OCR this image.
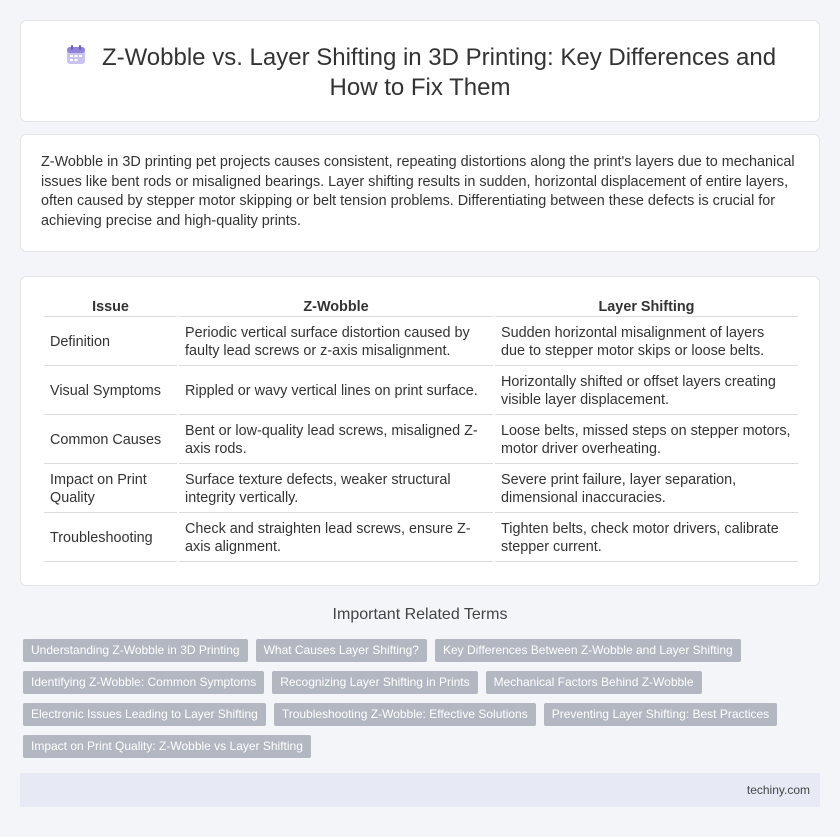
Z-Wobble vs. Layer Shifting in 3D Printing: Key Differences and
How to Fix Them

Z-Wobble in 3D printing pet projects causes consistent, repeating distortions along the print's layers due to mechanical issues like bent rods or misaligned bearings. Layer shifting results in sudden, horizontal displacement of entire layers, often caused by stepper motor skipping or belt tension problems. Differentiating between these defects is crucial for achieving precise and high-quality prints.

Issue	Z-Wobble	Layer Shifting
Definition	Periodic vertical surface distortion caused by faulty lead screws or z-axis misalignment.	Sudden horizontal misalignment of layers due to stepper motor skips or loose belts.
Visual Symptoms	Rippled or wavy vertical lines on print surface.	Horizontally shifted or offset layers creating visible layer displacement.
Common Causes	Bent or low-quality lead screws, misaligned Z-axis rods.	Loose belts, missed steps on stepper motors, motor driver overheating.
Impact on Print Quality	Surface texture defects, weaker structural integrity vertically.	Severe print failure, layer separation, dimensional inaccuracies.
Troubleshooting	Check and straighten lead screws, ensure Z-axis alignment.	Tighten belts, check motor drivers, calibrate stepper current.
Important Related Terms
Understanding Z-Wobble in 3D Printing	What Causes Layer Shifting?	Key Differences Between Z-Wobble and Layer Shifting
Identifying Z-Wobble: Common Symptoms	Recognizing Layer Shifting in Prints	Mechanical Factors Behind Z-Wobble
Electronic Issues Leading to Layer Shifting	Troubleshooting Z-Wobble: Effective Solutions	Preventing Layer Shifting: Best Practices
Impact on Print Quality: Z-Wobble vs Layer Shifting
techiny.com
